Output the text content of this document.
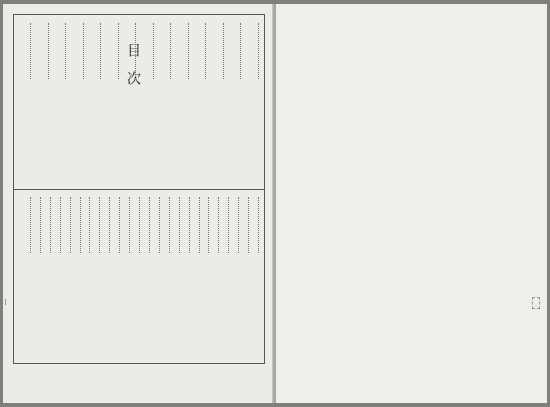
目次
